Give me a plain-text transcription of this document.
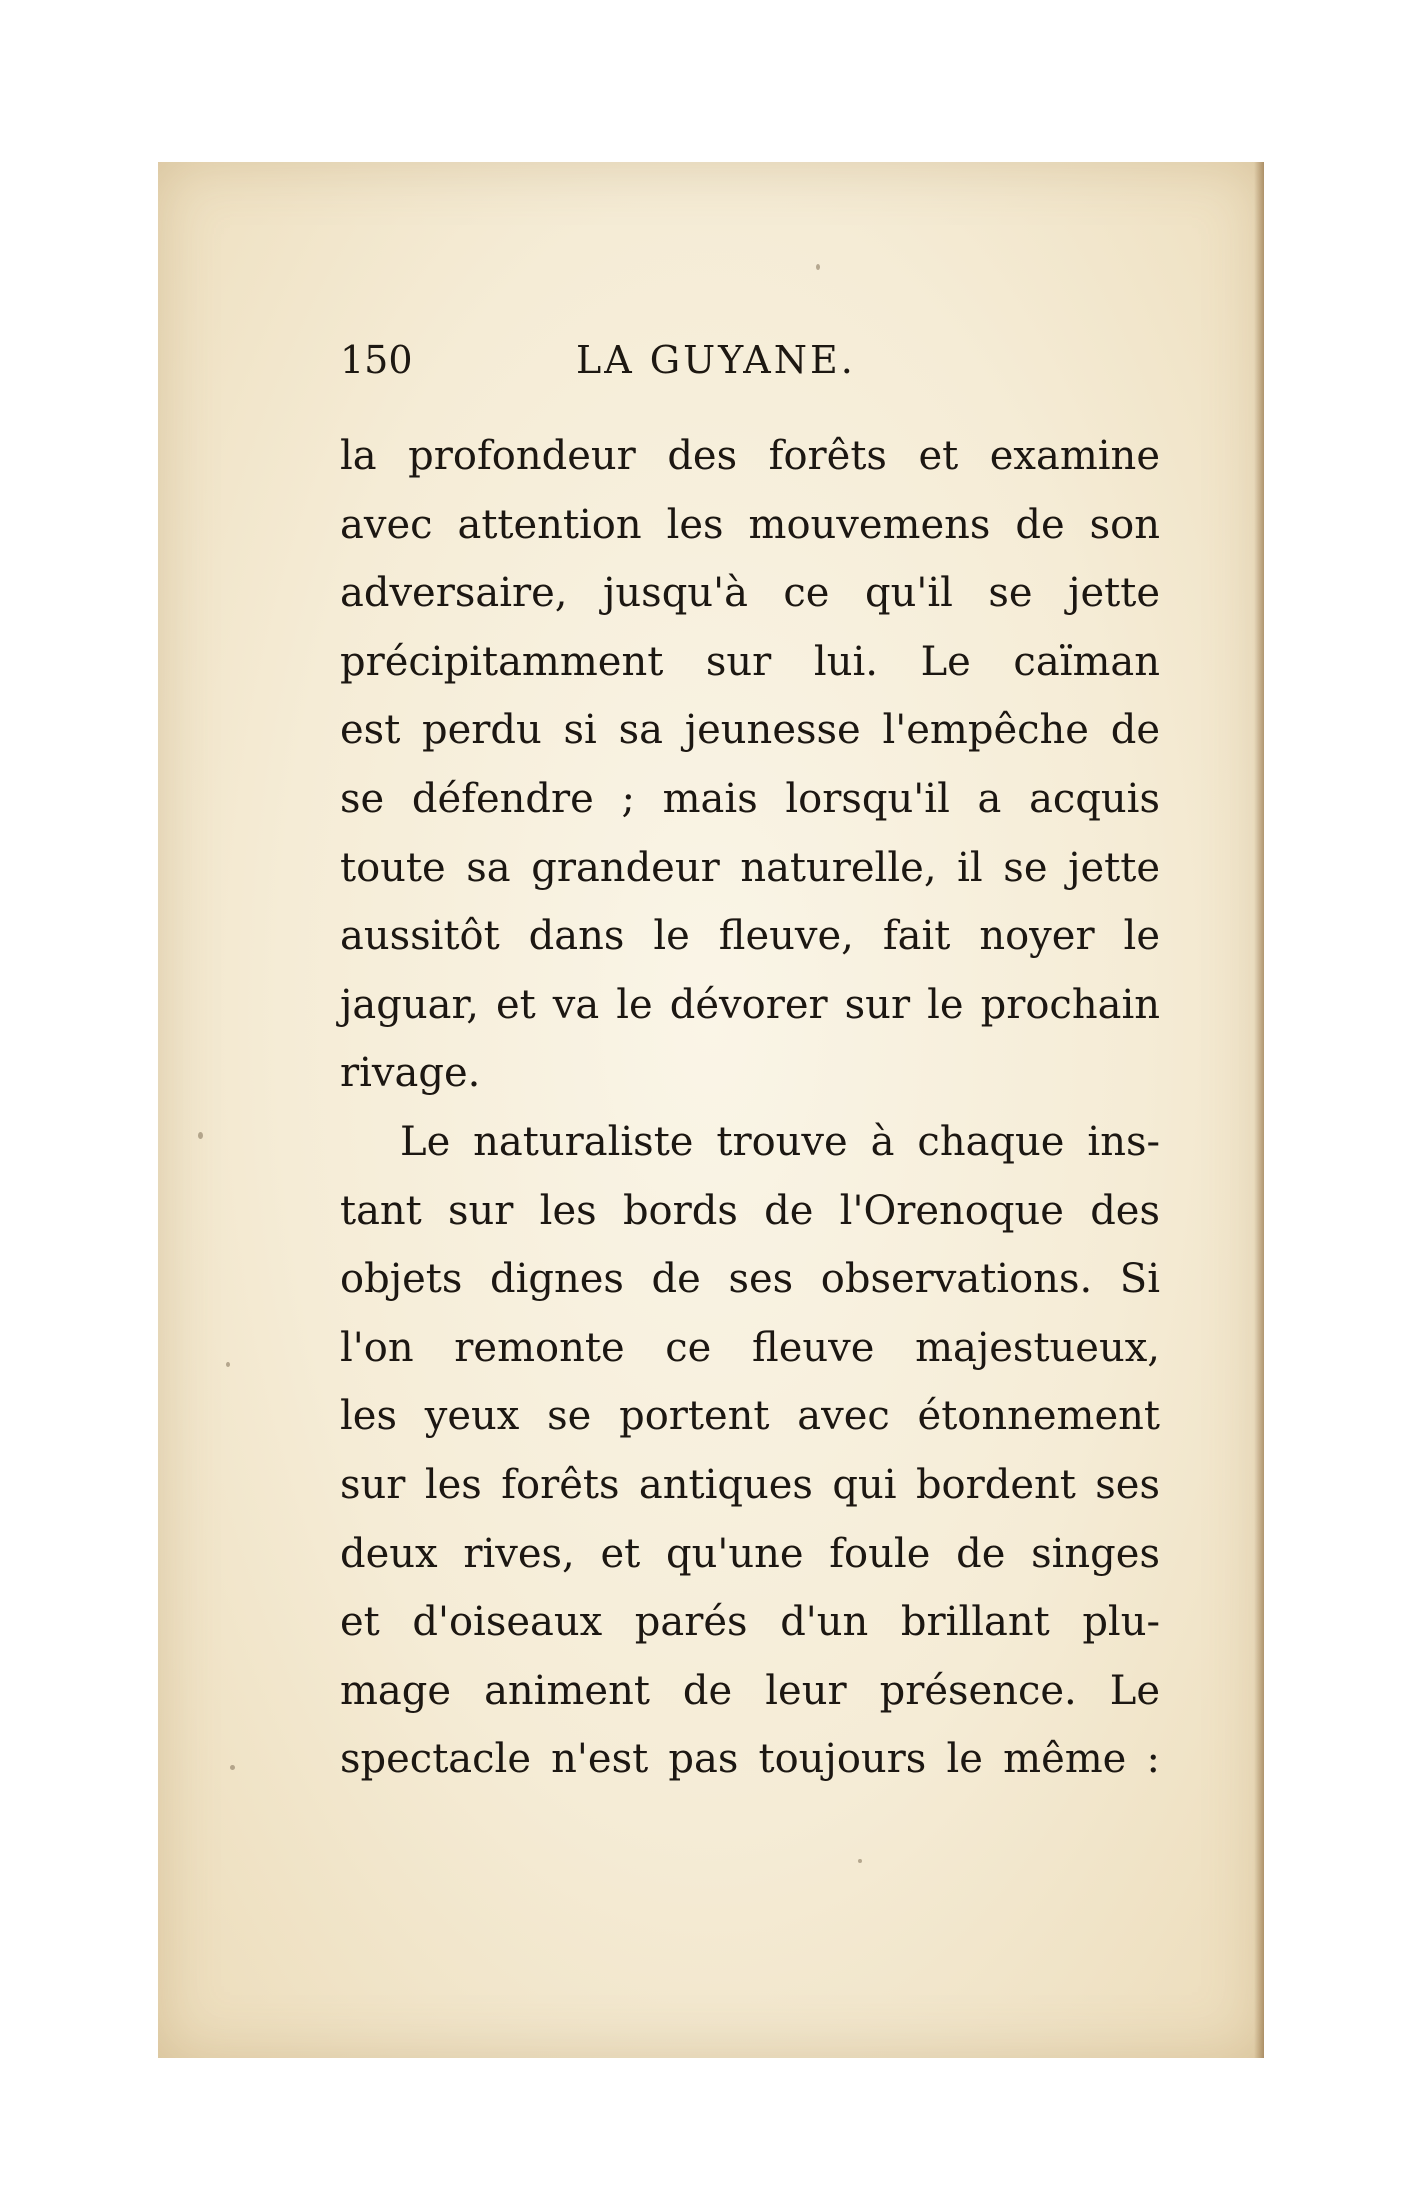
150	LA GUYANE.
la profondeur des forêts et examine
avec attention les mouvemens de son
adversaire, jusqu'à ce qu'il se jette
précipitamment sur lui. Le caïman
est perdu si sa jeunesse l'empêche de
se défendre ; mais lorsqu'il a acquis
toute sa grandeur naturelle, il se jette
aussitôt dans le fleuve, fait noyer le
jaguar, et va le dévorer sur le prochain
rivage.
Le naturaliste trouve à chaque ins-
tant sur les bords de l'Orenoque des
objets dignes de ses observations. Si
l'on remonte ce fleuve majestueux,
les yeux se portent avec étonnement
sur les forêts antiques qui bordent ses
deux rives, et qu'une foule de singes
et d'oiseaux parés d'un brillant plu-
mage animent de leur présence. Le
spectacle n'est pas toujours le même :
